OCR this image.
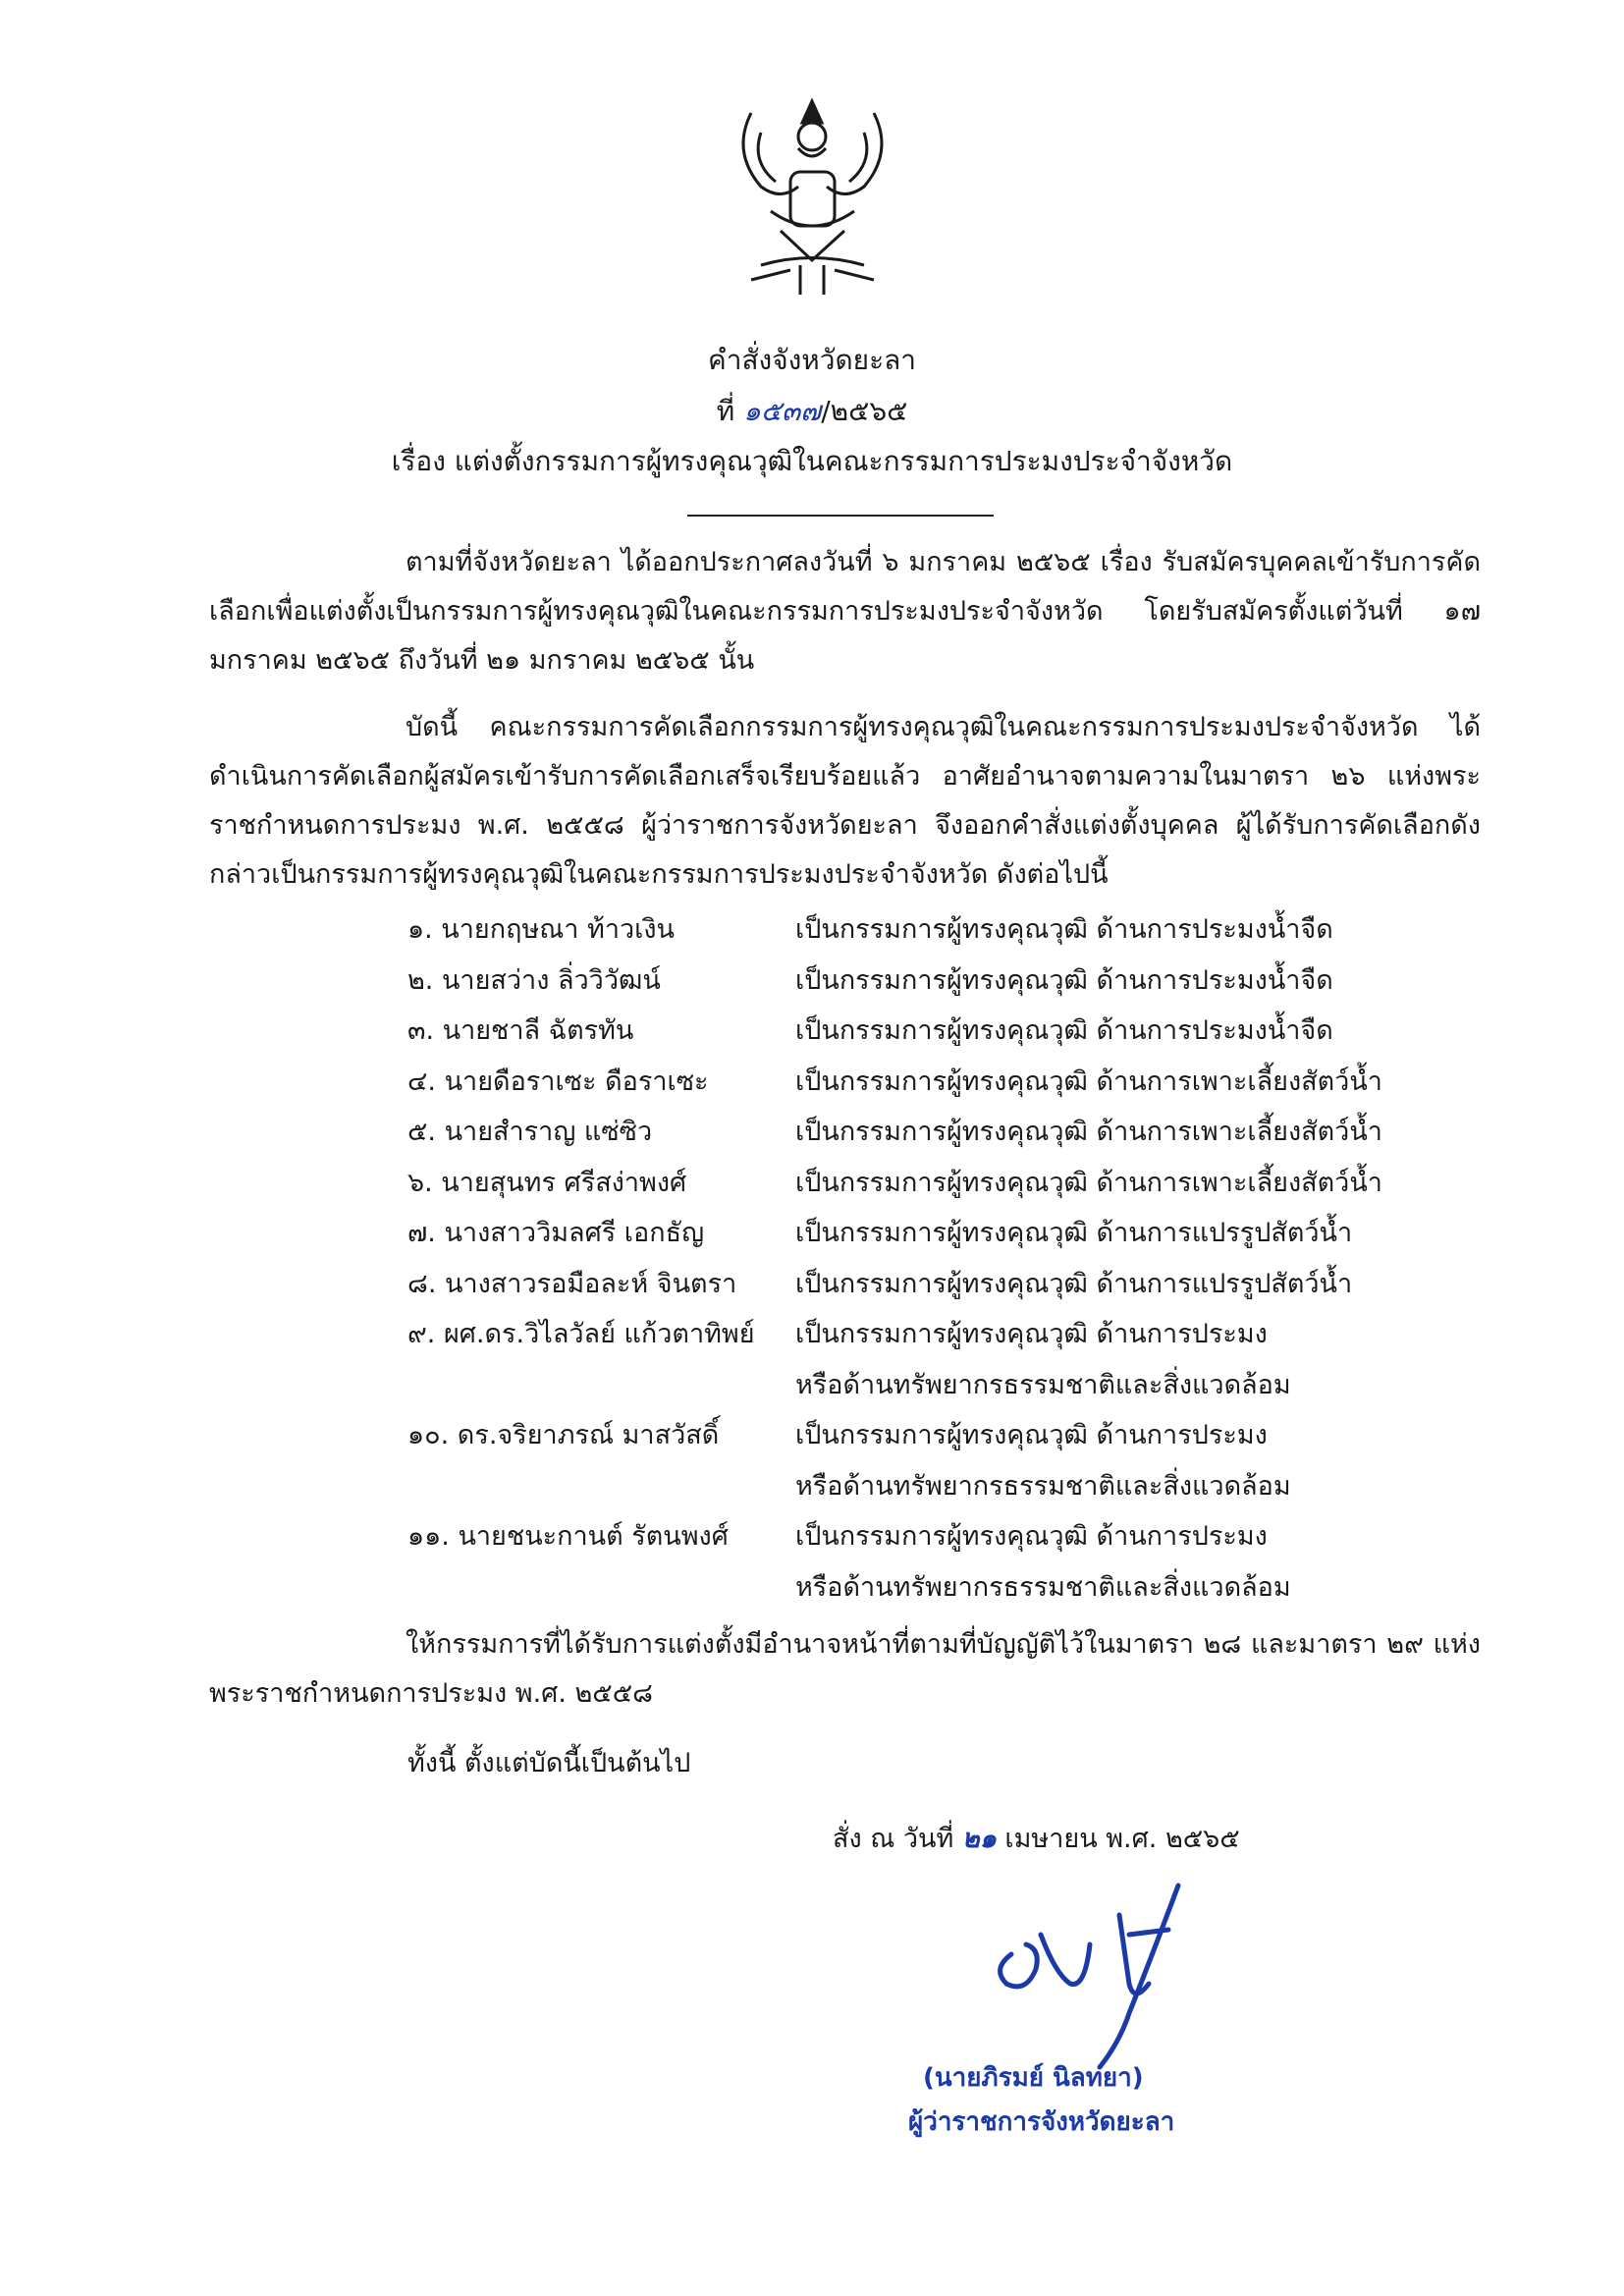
คำสั่งจังหวัดยะลา
ที่ ๑๕๓๗/๒๕๖๕
เรื่อง แต่งตั้งกรรมการผู้ทรงคุณวุฒิในคณะกรรมการประมงประจำจังหวัด
ตามที่จังหวัดยะลา ได้ออกประกาศลงวันที่ ๖ มกราคม ๒๕๖๕ เรื่อง รับสมัครบุคคลเข้ารับการคัดเลือกเพื่อแต่งตั้งเป็นกรรมการผู้ทรงคุณวุฒิในคณะกรรมการประมงประจำจังหวัด โดยรับสมัครตั้งแต่วันที่ ๑๗ มกราคม ๒๕๖๕ ถึงวันที่ ๒๑ มกราคม ๒๕๖๕ นั้น
บัดนี้ คณะกรรมการคัดเลือกกรรมการผู้ทรงคุณวุฒิในคณะกรรมการประมงประจำจังหวัด ได้ดำเนินการคัดเลือกผู้สมัครเข้ารับการคัดเลือกเสร็จเรียบร้อยแล้ว อาศัยอำนาจตามความในมาตรา ๒๖ แห่งพระราชกำหนดการประมง พ.ศ. ๒๕๕๘ ผู้ว่าราชการจังหวัดยะลา จึงออกคำสั่งแต่งตั้งบุคคล ผู้ได้รับการคัดเลือกดังกล่าวเป็นกรรมการผู้ทรงคุณวุฒิในคณะกรรมการประมงประจำจังหวัด ดังต่อไปนี้
๑. นายกฤษณา ท้าวเงิน	เป็นกรรมการผู้ทรงคุณวุฒิ ด้านการประมงน้ำจืด
๒. นายสว่าง ลิ่ววิวัฒน์	เป็นกรรมการผู้ทรงคุณวุฒิ ด้านการประมงน้ำจืด
๓. นายชาลี ฉัตรทัน	เป็นกรรมการผู้ทรงคุณวุฒิ ด้านการประมงน้ำจืด
๔. นายดือราเซะ ดือราเซะ	เป็นกรรมการผู้ทรงคุณวุฒิ ด้านการเพาะเลี้ยงสัตว์น้ำ
๕. นายสำราญ แซ่ซิว	เป็นกรรมการผู้ทรงคุณวุฒิ ด้านการเพาะเลี้ยงสัตว์น้ำ
๖. นายสุนทร ศรีสง่าพงศ์	เป็นกรรมการผู้ทรงคุณวุฒิ ด้านการเพาะเลี้ยงสัตว์น้ำ
๗. นางสาววิมลศรี เอกธัญ	เป็นกรรมการผู้ทรงคุณวุฒิ ด้านการแปรรูปสัตว์น้ำ
๘. นางสาวรอมือละห์ จินตรา	เป็นกรรมการผู้ทรงคุณวุฒิ ด้านการแปรรูปสัตว์น้ำ
๙. ผศ.ดร.วิไลวัลย์ แก้วตาทิพย์	เป็นกรรมการผู้ทรงคุณวุฒิ ด้านการประมง
หรือด้านทรัพยากรธรรมชาติและสิ่งแวดล้อม
๑๐. ดร.จริยาภรณ์ มาสวัสดิ์	เป็นกรรมการผู้ทรงคุณวุฒิ ด้านการประมง
หรือด้านทรัพยากรธรรมชาติและสิ่งแวดล้อม
๑๑. นายชนะกานต์ รัตนพงศ์	เป็นกรรมการผู้ทรงคุณวุฒิ ด้านการประมง
หรือด้านทรัพยากรธรรมชาติและสิ่งแวดล้อม
ให้กรรมการที่ได้รับการแต่งตั้งมีอำนาจหน้าที่ตามที่บัญญัติไว้ในมาตรา ๒๘ และมาตรา ๒๙ แห่งพระราชกำหนดการประมง พ.ศ. ๒๕๕๘
ทั้งนี้ ตั้งแต่บัดนี้เป็นต้นไป
สั่ง ณ วันที่ ๒๑ เมษายน พ.ศ. ๒๕๖๕
(นายภิรมย์ นิลทยา)
ผู้ว่าราชการจังหวัดยะลา
